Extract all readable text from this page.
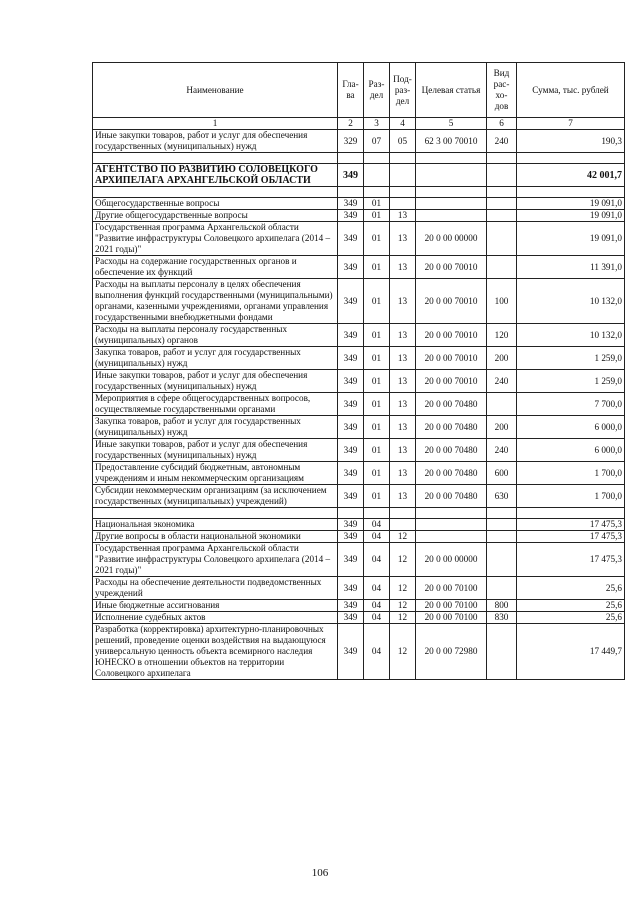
Наименование	Гла-ва	Раз-дел	Под-раз-дел	Целевая статья	Вид рас-хо-дов	Сумма, тыс. рублей
1	2	3	4	5	6	7
Иные закупки товаров, работ и услуг для обеспечения государственных (муниципальных) нужд	329	07	05	62 3 00 70010	240	190,3

АГЕНТСТВО ПО РАЗВИТИЮ СОЛОВЕЦКОГО АРХИПЕЛАГА АРХАНГЕЛЬСКОЙ ОБЛАСТИ	349					42 001,7

Общегосударственные вопросы	349	01				19 091,0
Другие общегосударственные вопросы	349	01	13			19 091,0
Государственная программа Архангельской области "Развитие инфраструктуры Соловецкого архипелага (2014 – 2021 годы)"	349	01	13	20 0 00 00000		19 091,0
Расходы на содержание государственных органов и обеспечение их функций	349	01	13	20 0 00 70010		11 391,0
Расходы на выплаты персоналу в целях обеспечения выполнения функций государственными (муниципальными) органами, казенными учреждениями, органами управления государственными внебюджетными фондами	349	01	13	20 0 00 70010	100	10 132,0
Расходы на выплаты персоналу государственных (муниципальных) органов	349	01	13	20 0 00 70010	120	10 132,0
Закупка товаров, работ и услуг для государственных (муниципальных) нужд	349	01	13	20 0 00 70010	200	1 259,0
Иные закупки товаров, работ и услуг для обеспечения государственных (муниципальных) нужд	349	01	13	20 0 00 70010	240	1 259,0
Мероприятия в сфере общегосударственных вопросов, осуществляемые государственными органами	349	01	13	20 0 00 70480		7 700,0
Закупка товаров, работ и услуг для государственных (муниципальных) нужд	349	01	13	20 0 00 70480	200	6 000,0
Иные закупки товаров, работ и услуг для обеспечения государственных (муниципальных) нужд	349	01	13	20 0 00 70480	240	6 000,0
Предоставление субсидий бюджетным, автономным учреждениям и иным некоммерческим организациям	349	01	13	20 0 00 70480	600	1 700,0
Субсидии некоммерческим организациям (за исключением государственных (муниципальных) учреждений)	349	01	13	20 0 00 70480	630	1 700,0

Национальная экономика	349	04				17 475,3
Другие вопросы в области национальной экономики	349	04	12			17 475,3
Государственная программа Архангельской области "Развитие инфраструктуры Соловецкого архипелага (2014 – 2021 годы)"	349	04	12	20 0 00 00000		17 475,3
Расходы на обеспечение деятельности подведомственных учреждений	349	04	12	20 0 00 70100		25,6
Иные бюджетные ассигнования	349	04	12	20 0 00 70100	800	25,6
Исполнение судебных актов	349	04	12	20 0 00 70100	830	25,6
Разработка (корректировка) архитектурно-планировочных решений, проведение оценки воздействия на выдающуюся универсальную ценность объекта всемирного наследия ЮНЕСКО в отношении объектов на территории Соловецкого архипелага	349	04	12	20 0 00 72980		17 449,7
106
